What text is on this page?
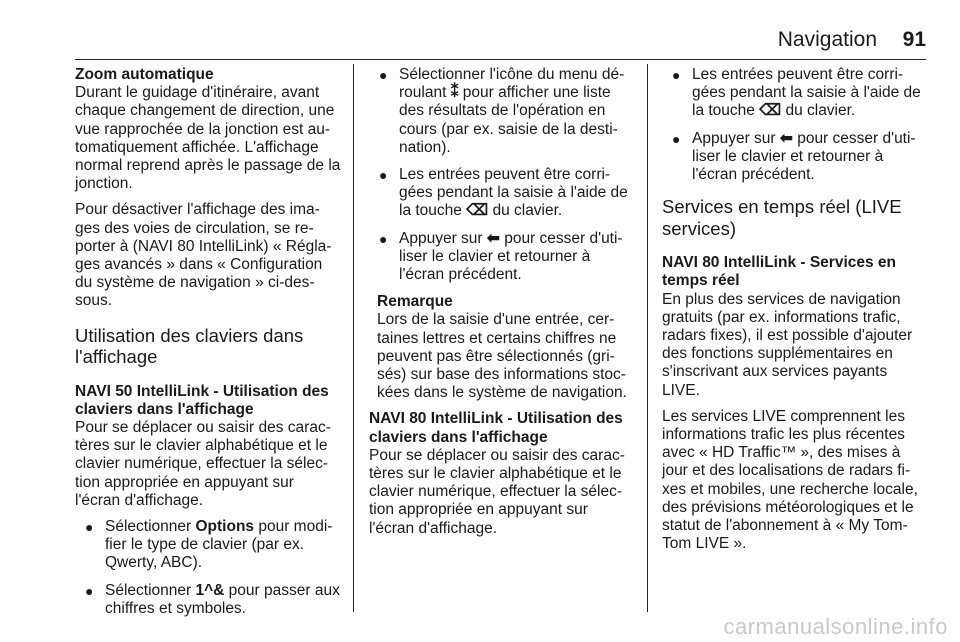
Navigation 91
Zoom automatique

Durant le guidage d'itinéraire, avant chaque changement de direction, une vue rapprochée de la jonction est au-tomatiquement affichée. L'affichage normal reprend après le passage de la jonction.

Pour désactiver l'affichage des ima-ges des voies de circulation, se re-porter à (NAVI 80 IntelliLink) « Régla-ges avancés » dans « Configuration du système de navigation » ci-des-sous.

Utilisation des claviers dans l'affichage
NAVI 50 IntelliLink - Utilisation des claviers dans l'affichage

Pour se déplacer ou saisir des carac-tères sur le clavier alphabétique et le clavier numérique, effectuer la sélec-tion appropriée en appuyant sur l'écran d'affichage.

● Sélectionner Options pour modi-fier le type de clavier (par ex. Qwerty, ABC).
● Sélectionner 1^& pour passer aux chiffres et symboles.
● Sélectionner l'icône du menu dé-roulant ⁑ pour afficher une liste des résultats de l'opération en cours (par ex. saisie de la desti-nation).
● Les entrées peuvent être corri-gées pendant la saisie à l'aide de la touche ⌫ du clavier.
● Appuyer sur ⬅ pour cesser d'uti-liser le clavier et retourner à l'écran précédent.
Remarque
Lors de la saisie d'une entrée, cer-taines lettres et certains chiffres ne peuvent pas être sélectionnés (gri-sés) sur base des informations stoc-kées dans le système de navigation.
NAVI 80 IntelliLink - Utilisation des claviers dans l'affichage

Pour se déplacer ou saisir des carac-tères sur le clavier alphabétique et le clavier numérique, effectuer la sélec-tion appropriée en appuyant sur l'écran d'affichage.

● Les entrées peuvent être corri-gées pendant la saisie à l'aide de la touche ⌫ du clavier.
● Appuyer sur ⬅ pour cesser d'uti-liser le clavier et retourner à l'écran précédent.
Services en temps réel (LIVE services)
NAVI 80 IntelliLink - Services en temps réel

En plus des services de navigation gratuits (par ex. informations trafic, radars fixes), il est possible d'ajouter des fonctions supplémentaires en s'inscrivant aux services payants LIVE.

Les services LIVE comprennent les informations trafic les plus récentes avec « HD Traffic™ », des mises à jour et des localisations de radars fi-xes et mobiles, une recherche locale, des prévisions météorologiques et le statut de l'abonnement à « My Tom-Tom LIVE ».

carmanualsonline.info
